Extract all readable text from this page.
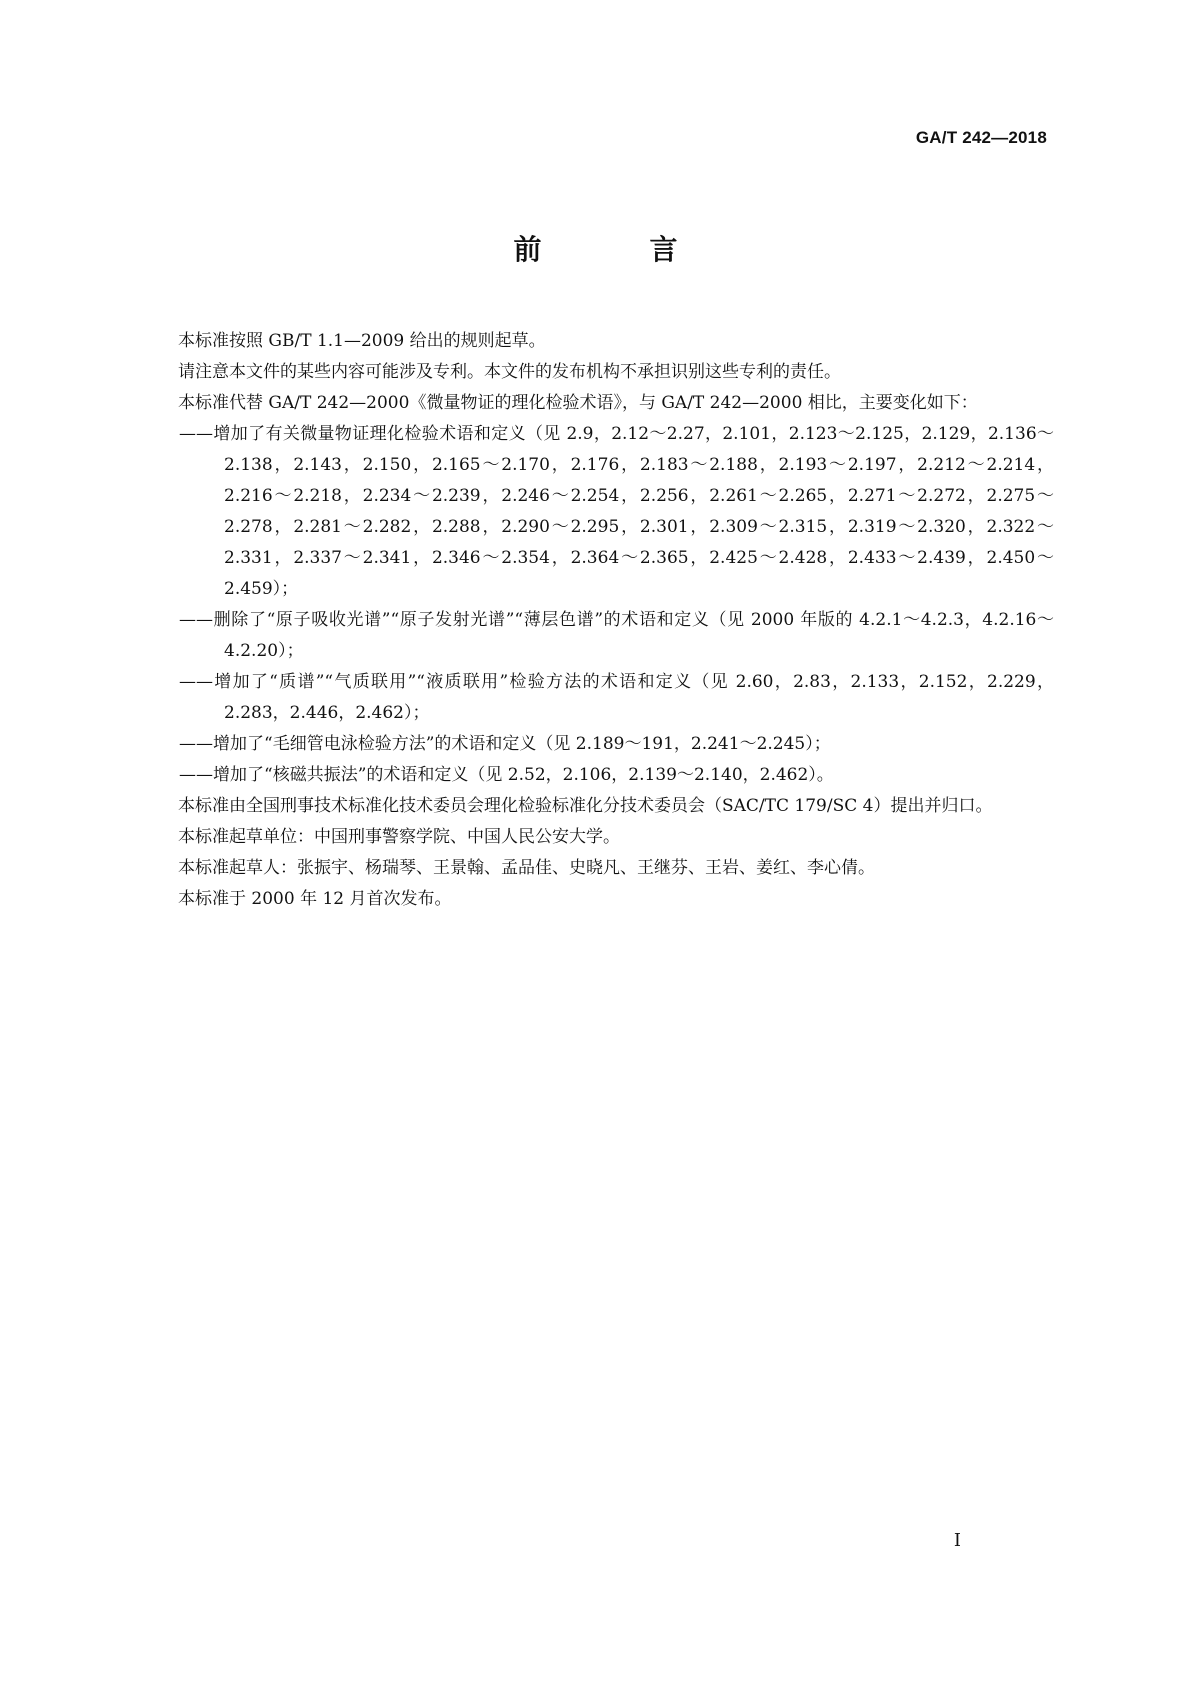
GA/T 242—2018
前　言

本标准按照 GB/T 1.1—2009 给出的规则起草。

请注意本文件的某些内容可能涉及专利。本文件的发布机构不承担识别这些专利的责任。

本标准代替 GA/T 242—2000《微量物证的理化检验术语》，与 GA/T 242—2000 相比，主要变化如下：

——增加了有关微量物证理化检验术语和定义（见 2.9，2.12～2.27，2.101，2.123～2.125，2.129，2.136～2.138，2.143，2.150，2.165～2.170，2.176，2.183～2.188，2.193～2.197，2.212～2.214，2.216～2.218，2.234～2.239，2.246～2.254，2.256，2.261～2.265，2.271～2.272，2.275～2.278，2.281～2.282，2.288，2.290～2.295，2.301，2.309～2.315，2.319～2.320，2.322～2.331，2.337～2.341，2.346～2.354，2.364～2.365，2.425～2.428，2.433～2.439，2.450～2.459）；

——删除了“原子吸收光谱”“原子发射光谱”“薄层色谱”的术语和定义（见 2000 年版的 4.2.1～4.2.3，4.2.16～4.2.20）；

——增加了“质谱”“气质联用”“液质联用”检验方法的术语和定义（见 2.60，2.83，2.133，2.152，2.229，2.283，2.446，2.462）；

——增加了“毛细管电泳检验方法”的术语和定义（见 2.189～191，2.241～2.245）；

——增加了“核磁共振法”的术语和定义（见 2.52，2.106，2.139～2.140，2.462）。

本标准由全国刑事技术标准化技术委员会理化检验标准化分技术委员会（SAC/TC 179/SC 4）提出并归口。

本标准起草单位：中国刑事警察学院、中国人民公安大学。

本标准起草人：张振宇、杨瑞琴、王景翰、孟品佳、史晓凡、王继芬、王岩、姜红、李心倩。

本标准于 2000 年 12 月首次发布。

I
